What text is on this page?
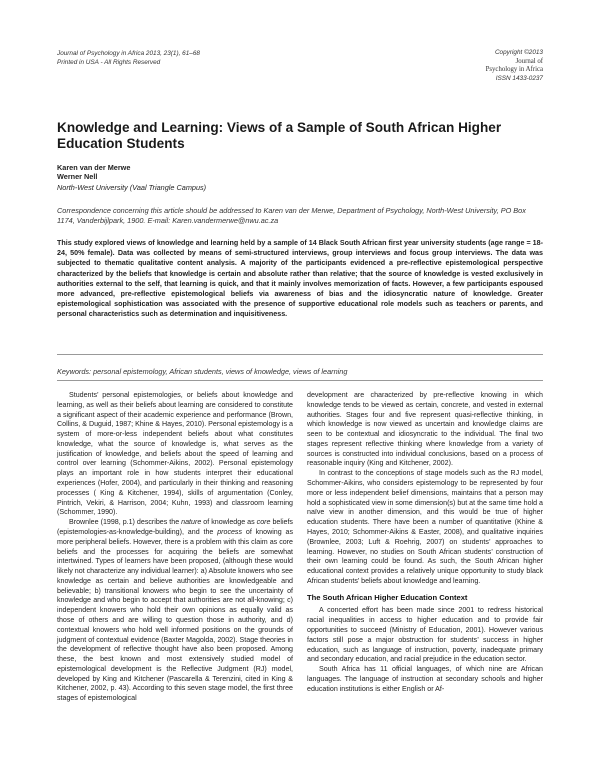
Journal of Psychology in Africa 2013, 23(1), 61–68
Printed in USA - All Rights Reserved
Copyright ©2013
Journal of
Psychology in Africa
ISSN 1433-0237
Knowledge and Learning: Views of a Sample of South African Higher Education Students
Karen van der Merwe
Werner Nell
North-West University (Vaal Triangle Campus)
Correspondence concerning this article should be addressed to Karen van der Merwe, Department of Psychology, North-West University, PO Box 1174, Vanderbijlpark, 1900. E-mail: Karen.vandermerwe@nwu.ac.za
This study explored views of knowledge and learning held by a sample of 14 Black South African first year university students (age range = 18-24, 50% female). Data was collected by means of semi-structured interviews, group interviews and focus group interviews. The data was subjected to thematic qualitative content analysis. A majority of the participants evidenced a pre-reflective epistemological perspective characterized by the beliefs that knowledge is certain and absolute rather than relative; that the source of knowledge is vested exclusively in authorities external to the self, that learning is quick, and that it mainly involves memorization of facts. However, a few participants espoused more advanced, pre-reflective epistemological beliefs via awareness of bias and the idiosyncratic nature of knowledge. Greater epistemological sophistication was associated with the presence of supportive educational role models such as teachers or parents, and personal characteristics such as determination and inquisitiveness.
Keywords: personal epistemology, African students, views of knowledge, views of learning

Students’ personal epistemologies, or beliefs about knowledge and learning, as well as their beliefs about learning are considered to constitute a significant aspect of their academic experience and performance (Brown, Collins, & Duguid, 1987; Khine & Hayes, 2010). Personal epistemology is a system of more-or-less independent beliefs about what constitutes knowledge, what the source of knowledge is, what serves as the justification of knowledge, and beliefs about the speed of learning and control over learning (Schommer-Aikins, 2002). Personal epistemology plays an important role in how students interpret their educational experiences (Hofer, 2004), and particularly in their thinking and reasoning processes ( King & Kitchener, 1994), skills of argumentation (Conley, Pintrich, Vekiri, & Harrison, 2004; Kuhn, 1993) and classroom learning (Schommer, 1990).

Brownlee (1998, p.1) describes the nature of knowledge as core beliefs (epistemologies-as-knowledge-building), and the process of knowing as more peripheral beliefs. However, there is a problem with this claim as core beliefs and the processes for acquiring the beliefs are somewhat intertwined. Types of learners have been proposed, (although these would likely not characterize any individual learner): a) Absolute knowers who see knowledge as certain and believe authorities are knowledgeable and believable; b) transitional knowers who begin to see the uncertainty of knowledge and who begin to accept that authorities are not all-knowing; c) independent knowers who hold their own opinions as equally valid as those of others and are willing to question those in authority, and d) contextual knowers who hold well informed positions on the grounds of judgment of contextual evidence (Baxter Magolda, 2002). Stage theories in the development of reflective thought have also been proposed. Among these, the best known and most extensively studied model of epistemological development is the Reflective Judgment (RJ) model, developed by King and Kitchener (Pascarella & Terenzini, cited in King & Kitchener, 2002, p. 43). According to this seven stage model, the first three stages of epistemological

development are characterized by pre-reflective knowing in which knowledge tends to be viewed as certain, concrete, and vested in external authorities. Stages four and five represent quasi-reflective thinking, in which knowledge is now viewed as uncertain and knowledge claims are seen to be contextual and idiosyncratic to the individual. The final two stages represent reflective thinking where knowledge from a variety of sources is constructed into individual conclusions, based on a process of reasonable inquiry (King and Kitchener, 2002).

In contrast to the conceptions of stage models such as the RJ model, Schommer-Aikins, who considers epistemology to be represented by four more or less independent belief dimensions, maintains that a person may hold a sophisticated view in some dimension(s) but at the same time hold a naïve view in another dimension, and this would be true of higher education students. There have been a number of quantitative (Khine & Hayes, 2010; Schommer-Aikins & Easter, 2008), and qualitative inquiries (Brownlee, 2003; Luft & Roehrig, 2007) on students’ approaches to learning. However, no studies on South African students’ construction of their own learning could be found. As such, the South African higher educational context provides a relatively unique opportunity to study black African students’ beliefs about knowledge and learning.

The South African Higher Education Context

A concerted effort has been made since 2001 to redress historical racial inequalities in access to higher education and to provide fair opportunities to succeed (Ministry of Education, 2001). However various factors still pose a major obstruction for students’ success in higher education, such as language of instruction, poverty, inadequate primary and secondary education, and racial prejudice in the education sector.

South Africa has 11 official languages, of which nine are African languages. The language of instruction at secondary schools and higher education institutions is either English or Af-
